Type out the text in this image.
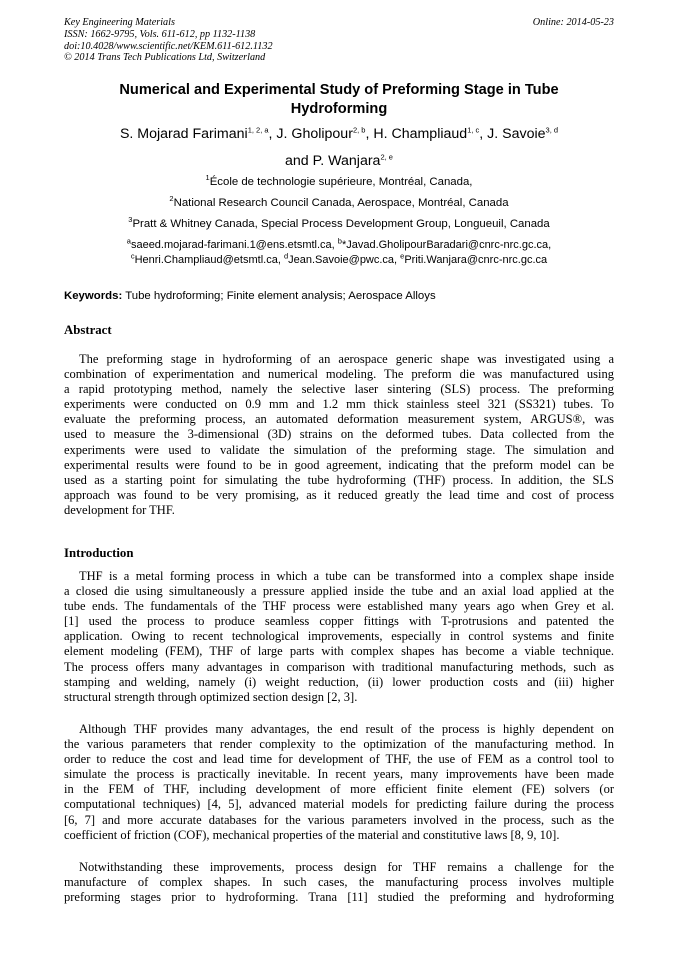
Key Engineering Materials
ISSN: 1662-9795, Vols. 611-612, pp 1132-1138
doi:10.4028/www.scientific.net/KEM.611-612.1132
© 2014 Trans Tech Publications Ltd, Switzerland
Online: 2014-05-23
Numerical and Experimental Study of Preforming Stage in Tube
Hydroforming
S. Mojarad Farimani$^{1, 2, a}$, J. Gholipour$^{2, b}$, H. Champliaud$^{1, c}$, J. Savoie$^{3, d}$
and P. Wanjara$^{2, e}$
$^1$École de technologie supérieure, Montréal, Canada,
$^2$National Research Council Canada, Aerospace, Montréal, Canada
$^3$Pratt & Whitney Canada, Special Process Development Group, Longueuil, Canada
$^a$saeed.mojarad-farimani.1@ens.etsmtl.ca, $^b$*Javad.GholipourBaradari@cnrc-nrc.gc.ca,
$^c$Henri.Champliaud@etsmtl.ca, $^d$Jean.Savoie@pwc.ca, $^e$Priti.Wanjara@cnrc-nrc.gc.ca
Keywords: Tube hydroforming; Finite element analysis; Aerospace Alloys
Abstract
The preforming stage in hydroforming of an aerospace generic shape was investigated using a
combination of experimentation and numerical modeling. The preform die was manufactured using
a rapid prototyping method, namely the selective laser sintering (SLS) process. The preforming
experiments were conducted on 0.9 mm and 1.2 mm thick stainless steel 321 (SS321) tubes. To
evaluate the preforming process, an automated deformation measurement system, ARGUS®, was
used to measure the 3-dimensional (3D) strains on the deformed tubes. Data collected from the
experiments were used to validate the simulation of the preforming stage. The simulation and
experimental results were found to be in good agreement, indicating that the preform model can be
used as a starting point for simulating the tube hydroforming (THF) process. In addition, the SLS
approach was found to be very promising, as it reduced greatly the lead time and cost of process
development for THF.
Introduction
THF is a metal forming process in which a tube can be transformed into a complex shape inside
a closed die using simultaneously a pressure applied inside the tube and an axial load applied at the
tube ends. The fundamentals of the THF process were established many years ago when Grey et al.
[1] used the process to produce seamless copper fittings with T-protrusions and patented the
application. Owing to recent technological improvements, especially in control systems and finite
element modeling (FEM), THF of large parts with complex shapes has become a viable technique.
The process offers many advantages in comparison with traditional manufacturing methods, such as
stamping and welding, namely (i) weight reduction, (ii) lower production costs and (iii) higher
structural strength through optimized section design [2, 3].
Although THF provides many advantages, the end result of the process is highly dependent on
the various parameters that render complexity to the optimization of the manufacturing method. In
order to reduce the cost and lead time for development of THF, the use of FEM as a control tool to
simulate the process is practically inevitable. In recent years, many improvements have been made
in the FEM of THF, including development of more efficient finite element (FE) solvers (or
computational techniques) [4, 5], advanced material models for predicting failure during the process
[6, 7] and more accurate databases for the various parameters involved in the process, such as the
coefficient of friction (COF), mechanical properties of the material and constitutive laws [8, 9, 10].
Notwithstanding these improvements, process design for THF remains a challenge for the
manufacture of complex shapes. In such cases, the manufacturing process involves multiple
preforming stages prior to hydroforming. Trana [11] studied the preforming and hydroforming
